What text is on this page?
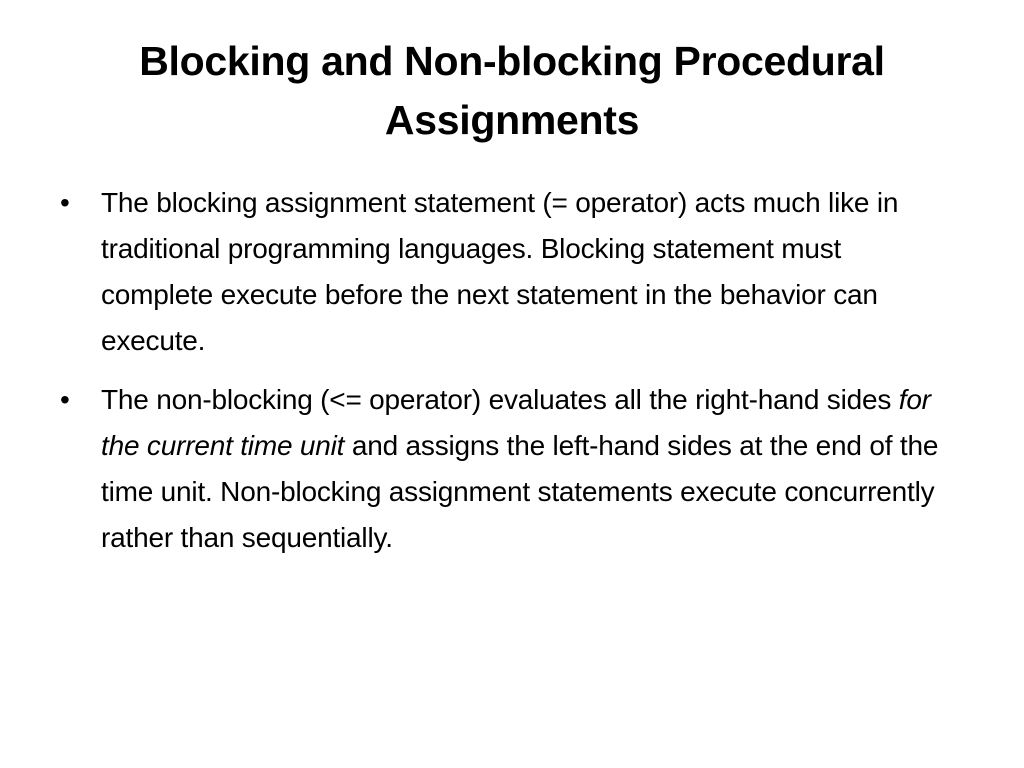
Blocking and Non-blocking Procedural
Assignments
•	The blocking assignment statement (= operator) acts much like in traditional programming languages. Blocking statement must complete execute before the next statement in the behavior can execute.
•	The non-blocking (<= operator) evaluates all the right-hand sides for the current time unit and assigns the left-hand sides at the end of the time unit. Non-blocking assignment statements execute concurrently rather than sequentially.
